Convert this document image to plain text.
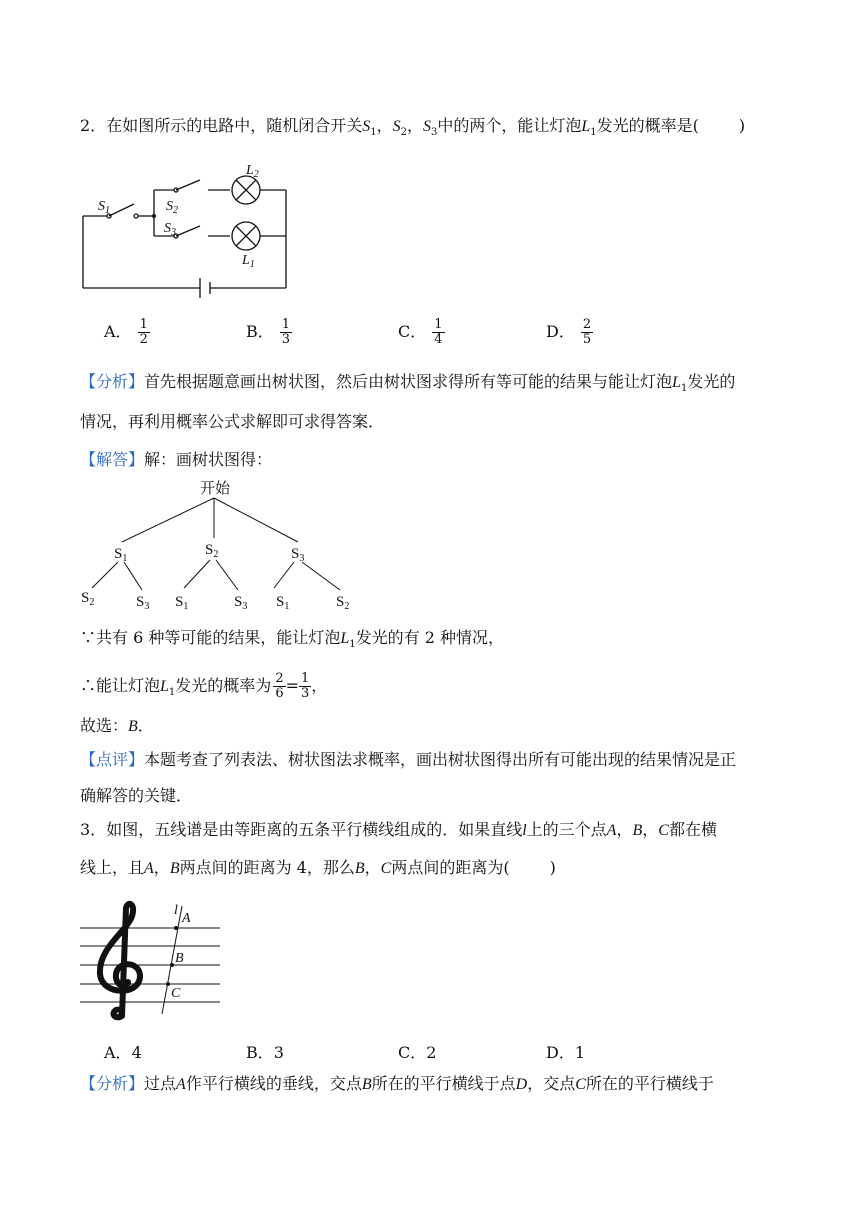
2．在如图所示的电路中，随机闭合开关$S_1$，$S_2$，$S_3$中的两个，能让灯泡$L_1$发光的概率是(	)
$S_1$	$S_2$
$S_3$
$L_2$
$L_1$
A． $\frac{1}{2}$	B． $\frac{1}{3}$	C． $\frac{1}{4}$	D． $\frac{2}{5}$
【分析】首先根据题意画出树状图，然后由树状图求得所有等可能的结果与能让灯泡$L_1$发光的
情况，再利用概率公式求解即可求得答案．
【解答】解：画树状图得：
开始
$S_1$
$S_2$	$S_3$
$S_2$	$S_3$ $S_1$	$S_3$ $S_1$	$S_2$
∵共有 6 种等可能的结果，能让灯泡$L_1$发光的有 2 种情况，
∴能让灯泡$L_1$发光的概率为 $\frac{2}{6} = \frac{1}{3}$ ，
故选：B．
【点评】本题考查了列表法、树状图法求概率，画出树状图得出所有可能出现的结果情况是正
确解答的关键．
3．如图，五线谱是由等距离的五条平行横线组成的．如果直线l上的三个点A，B，C都在横
线上，且A，B两点间的距离为 4，那么B，C两点间的距离为(	)
l
A
B
C
A．4	B．3	C．2	D．1
【分析】过点A作平行横线的垂线，交点B所在的平行横线于点D，交点C所在的平行横线于
